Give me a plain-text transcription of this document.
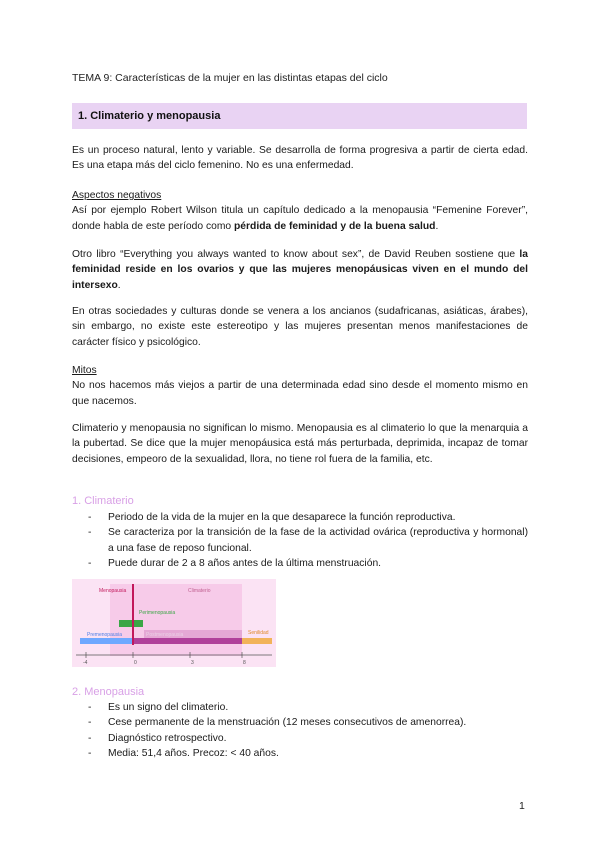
TEMA 9: Características de la mujer en las distintas etapas del ciclo
1. Climaterio y menopausia

Es un proceso natural, lento y variable. Se desarrolla de forma progresiva a partir de cierta edad. Es una etapa más del ciclo femenino. No es una enfermedad.

Aspectos negativos

Así por ejemplo Robert Wilson titula un capítulo dedicado a la menopausia “Femenine Forever”, donde habla de este período como pérdida de feminidad y de la buena salud.

Otro libro “Everything you always wanted to know about sex”, de David Reuben sostiene que la feminidad reside en los ovarios y que las mujeres menopáusicas viven en el mundo del intersexo.

En otras sociedades y culturas donde se venera a los ancianos (sudafricanas, asiáticas, árabes), sin embargo, no existe este estereotipo y las mujeres presentan menos manifestaciones de carácter físico y psicológico.

Mitos

No nos hacemos más viejos a partir de una determinada edad sino desde el momento mismo en que nacemos.

Climaterio y menopausia no significan lo mismo. Menopausia es al climaterio lo que la menarquia a la pubertad. Se dice que la mujer menopáusica está más perturbada, deprimida, incapaz de tomar decisiones, empeoro de la sexualidad, llora, no tiene rol fuera de la familia, etc.

1. Climaterio
- Periodo de la vida de la mujer en la que desaparece la función reproductiva.
- Se caracteriza por la transición de la fase de la actividad ovárica (reproductiva y hormonal) a una fase de reposo funcional.
- Puede durar de 2 a 8 años antes de la última menstruación.
Menopausia	Climaterio
Perimenopausia
Premenopausia	Postmenopausia	Senilidad
-4	0	3	8
2. Menopausia
- Es un signo del climaterio.
- Cese permanente de la menstruación (12 meses consecutivos de amenorrea).
- Diagnóstico retrospectivo.
- Media: 51,4 años. Precoz: < 40 años.
1
